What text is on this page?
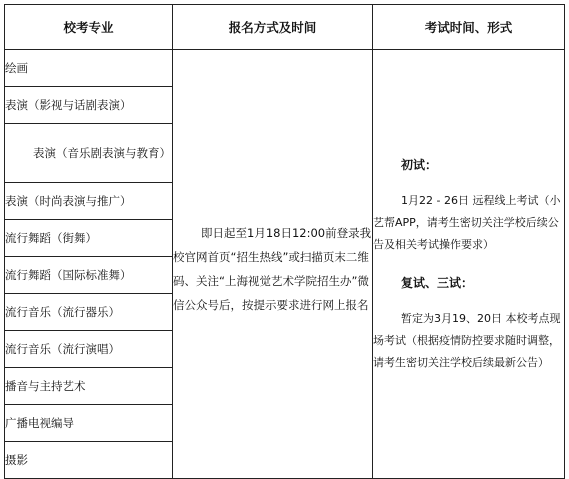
校考专业	报名方式及时间	考试时间、形式
绘画	即日起至1月18日12:00前登录我校官网首页“招生热线”或扫描页末二维码、关注“上海视觉艺术学院招生办”微信公众号后，按提示要求进行网上报名	初试：
1月22 - 26日 远程线上考试（小艺帮APP，请考生密切关注学校后续公告及相关考试操作要求）
复试、三试：
暂定为3月19、20日 本校考点现场考试（根据疫情防控要求随时调整，请考生密切关注学校后续最新公告）

表演（影视与话剧表演）		
表演（音乐剧表演与教育）		
表演（时尚表演与推广）		
流行舞蹈（街舞）		
流行舞蹈（国际标准舞）		
流行音乐（流行器乐）		
流行音乐（流行演唱）		
播音与主持艺术		
广播电视编导		
摄影		
